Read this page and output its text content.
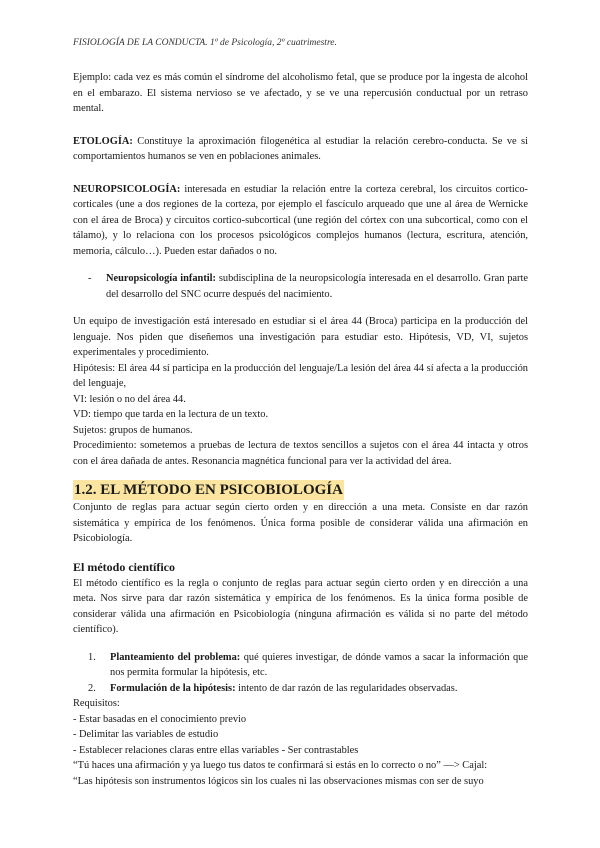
FISIOLOGÍA DE LA CONDUCTA. 1º de Psicología, 2º cuatrimestre.

Ejemplo: cada vez es más común el síndrome del alcoholismo fetal, que se produce por la ingesta de alcohol en el embarazo. El sistema nervioso se ve afectado, y se ve una repercusión conductual por un retraso mental.

ETOLOGÍA: Constituye la aproximación filogenética al estudiar la relación cerebro-conducta. Se ve si comportamientos humanos se ven en poblaciones animales.

NEUROPSICOLOGÍA: interesada en estudiar la relación entre la corteza cerebral, los circuitos cortico-corticales (une a dos regiones de la corteza, por ejemplo el fascículo arqueado que une al área de Wernicke con el área de Broca) y circuitos cortico-subcortical (une región del córtex con una subcortical, como con el tálamo), y lo relaciona con los procesos psicológicos complejos humanos (lectura, escritura, atención, memoria, cálculo…). Pueden estar dañados o no.

-	Neuropsicología infantil: subdisciplina de la neuropsicología interesada en el desarrollo. Gran parte del desarrollo del SNC ocurre después del nacimiento.

Un equipo de investigación está interesado en estudiar si el área 44 (Broca) participa en la producción del lenguaje. Nos piden que diseñemos una investigación para estudiar esto. Hipótesis, VD, VI, sujetos experimentales y procedimiento.

Hipótesis: El área 44 sí participa en la producción del lenguaje/La lesión del área 44 sí afecta a la producción del lenguaje,

VI: lesión o no del área 44.

VD: tiempo que tarda en la lectura de un texto.

Sujetos: grupos de humanos.

Procedimiento: sometemos a pruebas de lectura de textos sencillos a sujetos con el área 44 intacta y otros con el área dañada de antes. Resonancia magnética funcional para ver la actividad del área.

1.2. EL MÉTODO EN PSICOBIOLOGÍA

Conjunto de reglas para actuar según cierto orden y en dirección a una meta. Consiste en dar razón sistemática y empírica de los fenómenos. Única forma posible de considerar válida una afirmación en Psicobiología.

El método científico

El método científico es la regla o conjunto de reglas para actuar según cierto orden y en dirección a una meta. Nos sirve para dar razón sistemática y empírica de los fenómenos. Es la única forma posible de considerar válida una afirmación en Psicobiología (ninguna afirmación es válida si no parte del método científico).

1.	Planteamiento del problema: qué quieres investigar, de dónde vamos a sacar la información que nos permita formular la hipótesis, etc.
2.	Formulación de la hipótesis: intento de dar razón de las regularidades observadas.

Requisitos:

- Estar basadas en el conocimiento previo

- Delimitar las variables de estudio

- Establecer relaciones claras entre ellas variables - Ser contrastables

“Tú haces una afirmación y ya luego tus datos te confirmará si estás en lo correcto o no” —> Cajal:

“Las hipótesis son instrumentos lógicos sin los cuales ni las observaciones mismas con ser de suyo
